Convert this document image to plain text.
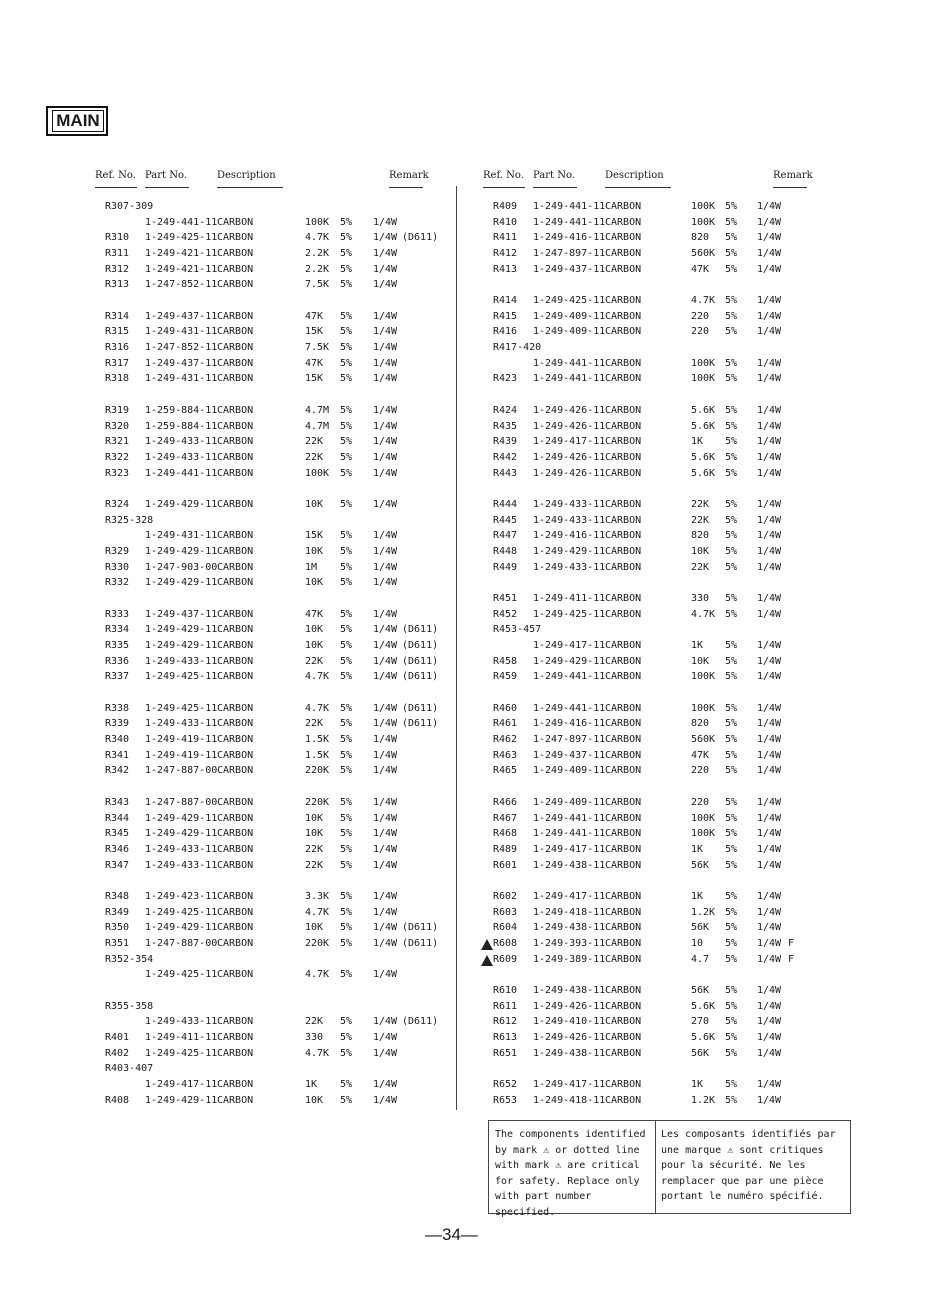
MAIN
Ref. No. Part No.	Description	Remark
R307-309
1-249-441-11 CARBON	100K 5% 1/4W
R310 1-249-425-11 CARBON	4.7K 5% 1/4W (D611)
R311 1-249-421-11 CARBON	2.2K 5% 1/4W
R312 1-249-421-11 CARBON	2.2K 5% 1/4W
R313 1-247-852-11 CARBON	7.5K 5% 1/4W
R314 1-249-437-11 CARBON	47K 5% 1/4W
R315 1-249-431-11 CARBON	15K 5% 1/4W
R316 1-247-852-11 CARBON	7.5K 5% 1/4W
R317 1-249-437-11 CARBON	47K 5% 1/4W
R318 1-249-431-11 CARBON	15K 5% 1/4W
R319 1-259-884-11 CARBON	4.7M 5% 1/4W
R320 1-259-884-11 CARBON	4.7M 5% 1/4W
R321 1-249-433-11 CARBON	22K 5% 1/4W
R322 1-249-433-11 CARBON	22K 5% 1/4W
R323 1-249-441-11 CARBON	100K 5% 1/4W
R324 1-249-429-11 CARBON	10K 5% 1/4W
R325-328
1-249-431-11 CARBON	15K 5% 1/4W
R329 1-249-429-11 CARBON	10K 5% 1/4W
R330 1-247-903-00 CARBON	1M 5% 1/4W
R332 1-249-429-11 CARBON	10K 5% 1/4W
R333 1-249-437-11 CARBON	47K 5% 1/4W
R334 1-249-429-11 CARBON	10K 5% 1/4W (D611)
R335 1-249-429-11 CARBON	10K 5% 1/4W (D611)
R336 1-249-433-11 CARBON	22K 5% 1/4W (D611)
R337 1-249-425-11 CARBON	4.7K 5% 1/4W (D611)
R338 1-249-425-11 CARBON	4.7K 5% 1/4W (D611)
R339 1-249-433-11 CARBON	22K 5% 1/4W (D611)
R340 1-249-419-11 CARBON	1.5K 5% 1/4W
R341 1-249-419-11 CARBON	1.5K 5% 1/4W
R342 1-247-887-00 CARBON	220K 5% 1/4W
R343 1-247-887-00 CARBON	220K 5% 1/4W
R344 1-249-429-11 CARBON	10K 5% 1/4W
R345 1-249-429-11 CARBON	10K 5% 1/4W
R346 1-249-433-11 CARBON	22K 5% 1/4W
R347 1-249-433-11 CARBON	22K 5% 1/4W
R348 1-249-423-11 CARBON	3.3K 5% 1/4W
R349 1-249-425-11 CARBON	4.7K 5% 1/4W
R350 1-249-429-11 CARBON	10K 5% 1/4W (D611)
R351 1-247-887-00 CARBON	220K 5% 1/4W (D611)
R352-354
1-249-425-11 CARBON	4.7K 5% 1/4W
R355-358
1-249-433-11 CARBON	22K 5% 1/4W (D611)
R401 1-249-411-11 CARBON	330 5% 1/4W
R402 1-249-425-11 CARBON	4.7K 5% 1/4W
R403-407
1-249-417-11 CARBON	1K 5% 1/4W
R408 1-249-429-11 CARBON	10K 5% 1/4W
Ref. No. Part No.	Description	Remark
R409 1-249-441-11 CARBON	100K 5% 1/4W
R410 1-249-441-11 CARBON	100K 5% 1/4W
R411 1-249-416-11 CARBON	820 5% 1/4W
R412 1-247-897-11 CARBON	560K 5% 1/4W
R413 1-249-437-11 CARBON	47K 5% 1/4W
R414 1-249-425-11 CARBON	4.7K 5% 1/4W
R415 1-249-409-11 CARBON	220 5% 1/4W
R416 1-249-409-11 CARBON	220 5% 1/4W
R417-420
1-249-441-11 CARBON	100K 5% 1/4W
R423 1-249-441-11 CARBON	100K 5% 1/4W
R424 1-249-426-11 CARBON	5.6K 5% 1/4W
R435 1-249-426-11 CARBON	5.6K 5% 1/4W
R439 1-249-417-11 CARBON	1K 5% 1/4W
R442 1-249-426-11 CARBON	5.6K 5% 1/4W
R443 1-249-426-11 CARBON	5.6K 5% 1/4W
R444 1-249-433-11 CARBON	22K 5% 1/4W
R445 1-249-433-11 CARBON	22K 5% 1/4W
R447 1-249-416-11 CARBON	820 5% 1/4W
R448 1-249-429-11 CARBON	10K 5% 1/4W
R449 1-249-433-11 CARBON	22K 5% 1/4W
R451 1-249-411-11 CARBON	330 5% 1/4W
R452 1-249-425-11 CARBON	4.7K 5% 1/4W
R453-457
1-249-417-11 CARBON	1K 5% 1/4W
R458 1-249-429-11 CARBON	10K 5% 1/4W
R459 1-249-441-11 CARBON	100K 5% 1/4W
R460 1-249-441-11 CARBON	100K 5% 1/4W
R461 1-249-416-11 CARBON	820 5% 1/4W
R462 1-247-897-11 CARBON	560K 5% 1/4W
R463 1-249-437-11 CARBON	47K 5% 1/4W
R465 1-249-409-11 CARBON	220 5% 1/4W
R466 1-249-409-11 CARBON	220 5% 1/4W
R467 1-249-441-11 CARBON	100K 5% 1/4W
R468 1-249-441-11 CARBON	100K 5% 1/4W
R489 1-249-417-11 CARBON	1K 5% 1/4W
R601 1-249-438-11 CARBON	56K 5% 1/4W
R602 1-249-417-11 CARBON	1K 5% 1/4W
R603 1-249-418-11 CARBON	1.2K 5% 1/4W
R604 1-249-438-11 CARBON	56K 5% 1/4W
R608 1-249-393-11 CARBON	10 5% 1/4W F
R609 1-249-389-11 CARBON	4.7 5% 1/4W F
R610 1-249-438-11 CARBON	56K 5% 1/4W
R611 1-249-426-11 CARBON	5.6K 5% 1/4W
R612 1-249-410-11 CARBON	270 5% 1/4W
R613 1-249-426-11 CARBON	5.6K 5% 1/4W
R651 1-249-438-11 CARBON	56K 5% 1/4W
R652 1-249-417-11 CARBON	1K 5% 1/4W
R653 1-249-418-11 CARBON	1.2K 5% 1/4W
The components identified by mark ⚠ or dotted line with mark ⚠ are critical for safety. Replace only with part number specified.
Les composants identifiés par une marque ⚠ sont critiques pour la sécurité. Ne les remplacer que par une pièce portant le numéro spécifié.
—34—
